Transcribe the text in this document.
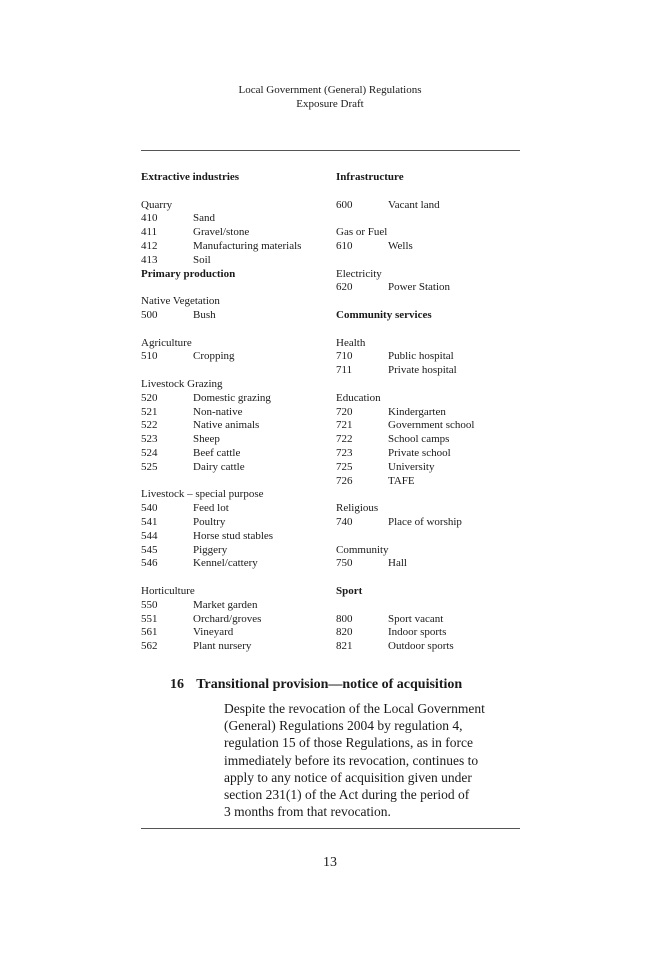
Local Government (General) Regulations
Exposure Draft
Extractive industries
Quarry
410	Sand
411	Gravel/stone
412	Manufacturing materials
413	Soil
Primary production
Native Vegetation
500	Bush
Agriculture
510	Cropping
Livestock Grazing
520	Domestic grazing
521	Non-native
522	Native animals
523	Sheep
524	Beef cattle
525	Dairy cattle
Livestock – special purpose
540	Feed lot
541	Poultry
544	Horse stud stables
545	Piggery
546	Kennel/cattery
Horticulture
550	Market garden
551	Orchard/groves
561	Vineyard
562	Plant nursery
Infrastructure
600	Vacant land
Gas or Fuel
610	Wells
Electricity
620	Power Station
Community services
Health
710	Public hospital
711	Private hospital
Education
720	Kindergarten
721	Government school
722	School camps
723	Private school
725	University
726	TAFE
Religious
740	Place of worship
Community
750	Hall
Sport
800	Sport vacant
820	Indoor sports
821	Outdoor sports
16 Transitional provision—notice of acquisition
Despite the revocation of the Local Government
(General) Regulations 2004 by regulation 4,
regulation 15 of those Regulations, as in force
immediately before its revocation, continues to
apply to any notice of acquisition given under
section 231(1) of the Act during the period of
3 months from that revocation.
13
